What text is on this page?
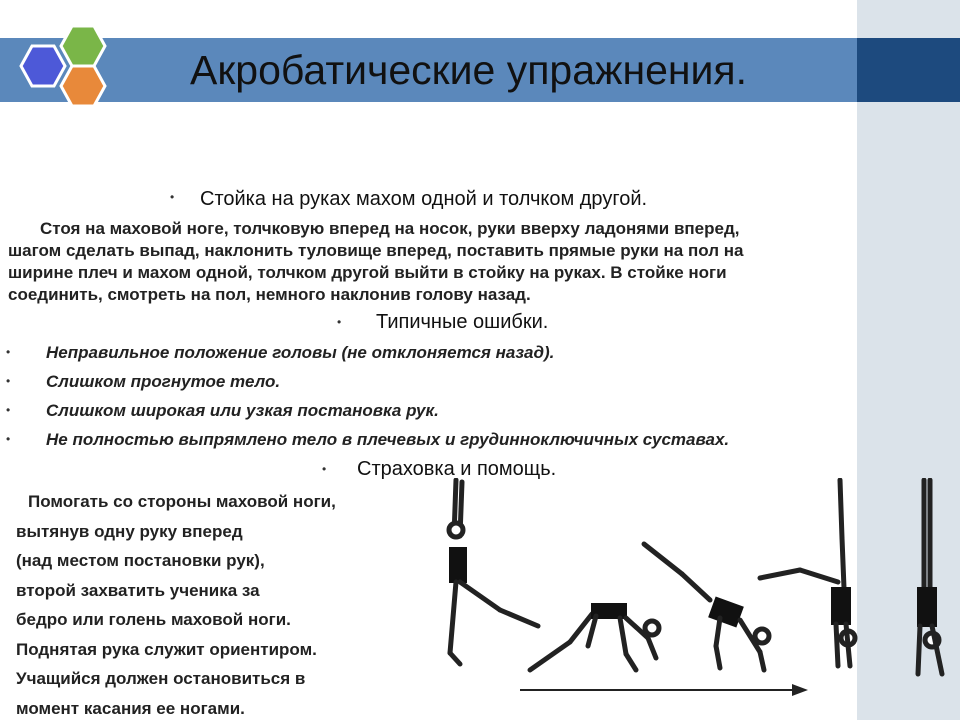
Акробатические упражнения.
• Стойка на руках махом одной и толчком другой.
Стоя на маховой ноге, толчковую вперед на носок, руки вверху ладонями вперед,
шагом сделать выпад, наклонить туловище вперед, поставить прямые руки на пол на
ширине плеч и махом одной, толчком другой выйти в стойку на руках. В стойке ноги
соединить, смотреть на пол, немного наклонив голову назад.
• Типичные ошибки.
• Неправильное положение головы (не отклоняется назад).

• Слишком прогнутое тело.

• Слишком широкая или узкая постановка рук.

• Не полностью выпрямлено тело в плечевых и грудинноключичных суставах.

• Страховка и помощь.
Помогать со стороны маховой ноги,
вытянув одну руку вперед
(над местом постановки рук),
второй захватить ученика за
бедро или голень маховой ноги.
Поднятая рука служит ориентиром.
Учащийся должен остановиться в
момент касания ее ногами.
